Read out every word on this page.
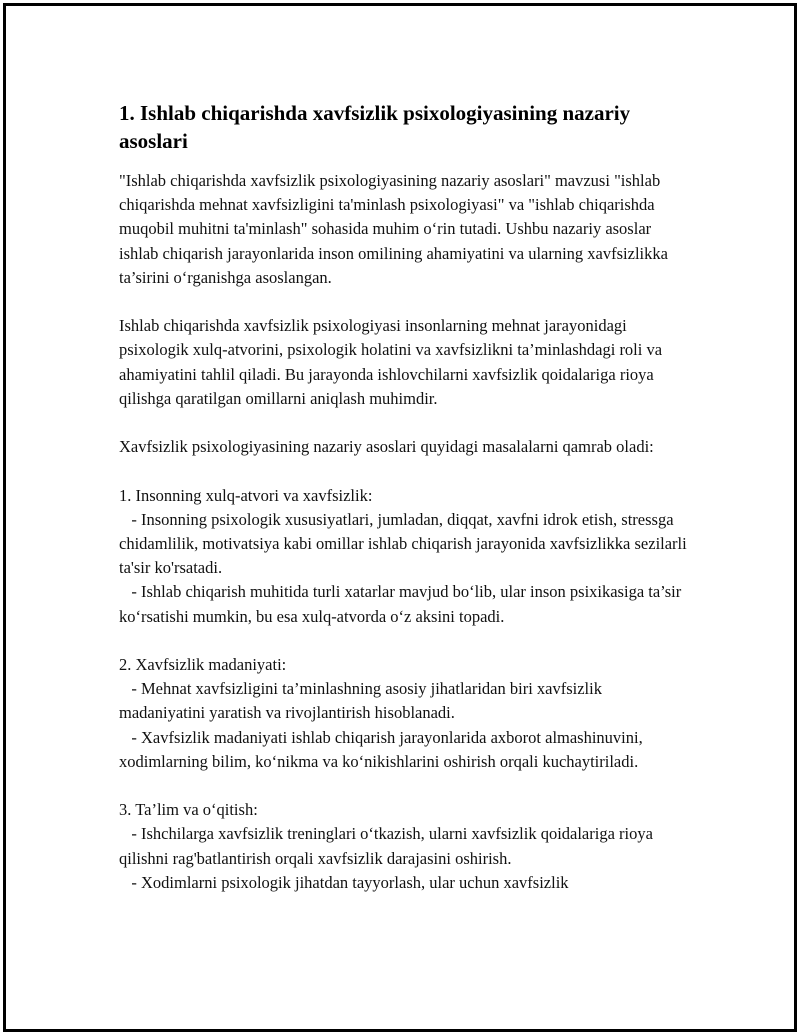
1. Ishlab chiqarishda xavfsizlik psixologiyasining nazariy asoslari

"Ishlab chiqarishda xavfsizlik psixologiyasining nazariy asoslari" mavzusi "ishlab chiqarishda mehnat xavfsizligini ta'minlash psixologiyasi" va "ishlab chiqarishda muqobil muhitni ta'minlash" sohasida muhim o‘rin tutadi. Ushbu nazariy asoslar ishlab chiqarish jarayonlarida inson omilining ahamiyatini va ularning xavfsizlikka ta’sirini o‘rganishga asoslangan.

Ishlab chiqarishda xavfsizlik psixologiyasi insonlarning mehnat jarayonidagi psixologik xulq-atvorini, psixologik holatini va xavfsizlikni ta’minlashdagi roli va ahamiyatini tahlil qiladi. Bu jarayonda ishlovchilarni xavfsizlik qoidalariga rioya qilishga qaratilgan omillarni aniqlash muhimdir.

Xavfsizlik psixologiyasining nazariy asoslari quyidagi masalalarni qamrab oladi:

1. Insonning xulq-atvori va xavfsizlik:

- Insonning psixologik xususiyatlari, jumladan, diqqat, xavfni idrok etish, stressga chidamlilik, motivatsiya kabi omillar ishlab chiqarish jarayonida xavfsizlikka sezilarli ta'sir ko'rsatadi.

- Ishlab chiqarish muhitida turli xatarlar mavjud bo‘lib, ular inson psixikasiga ta’sir ko‘rsatishi mumkin, bu esa xulq-atvorda o‘z aksini topadi.

2. Xavfsizlik madaniyati:

- Mehnat xavfsizligini ta’minlashning asosiy jihatlaridan biri xavfsizlik madaniyatini yaratish va rivojlantirish hisoblanadi.

- Xavfsizlik madaniyati ishlab chiqarish jarayonlarida axborot almashinuvini, xodimlarning bilim, ko‘nikma va ko‘nikishlarini oshirish orqali kuchaytiriladi.

3. Ta’lim va o‘qitish:

- Ishchilarga xavfsizlik treninglari o‘tkazish, ularni xavfsizlik qoidalariga rioya qilishni rag'batlantirish orqali xavfsizlik darajasini oshirish.

- Xodimlarni psixologik jihatdan tayyorlash, ular uchun xavfsizlik
